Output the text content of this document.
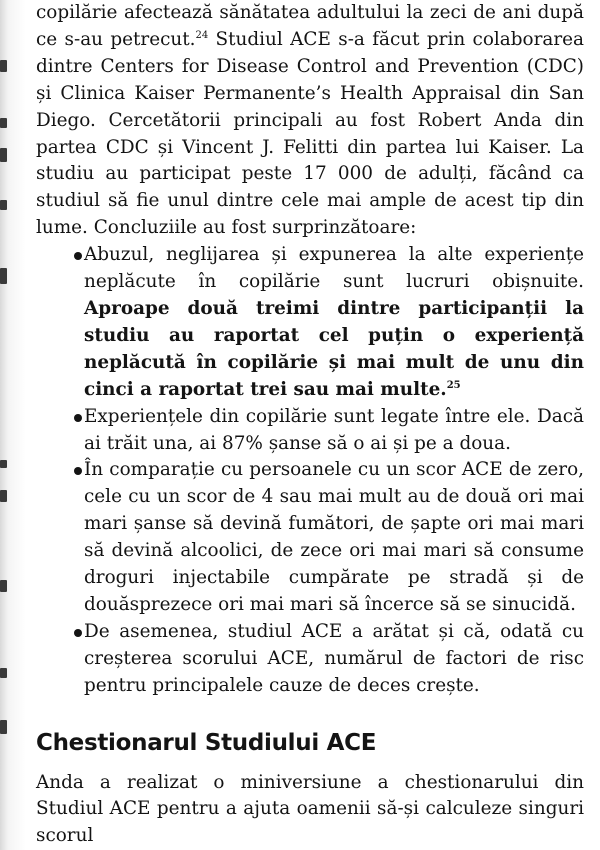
copilărie afectează sănătatea adultului la zeci de ani după ce s-au petrecut.$^{24}$ Studiul ACE s-a făcut prin colaborarea dintre Centers for Disease Control and Prevention (CDC) și Clinica Kaiser Permanente’s Health Appraisal din San Diego. Cercetătorii principali au fost Robert Anda din partea CDC și Vincent J. Felitti din partea lui Kaiser. La studiu au participat peste 17 000 de adulți, făcând ca studiul să fie unul dintre cele mai ample de acest tip din lume. Concluziile au fost surprinzătoare:

Abuzul, neglijarea și expunerea la alte experiențe neplăcute în copilărie sunt lucruri obișnuite. Aproape două treimi dintre participanții la studiu au raportat cel puțin o experiență neplăcută în copilărie și mai mult de unu din cinci a raportat trei sau mai multe.$^{25}$
Experiențele din copilărie sunt legate între ele. Dacă ai trăit una, ai 87% șanse să o ai și pe a doua.
În comparație cu persoanele cu un scor ACE de zero, cele cu un scor de 4 sau mai mult au de două ori mai mari șanse să devină fumători, de șapte ori mai mari să devină alcoolici, de zece ori mai mari să consume droguri injectabile cumpărate pe stradă și de douăsprezece ori mai mari să încerce să se sinucidă.
De asemenea, studiul ACE a arătat și că, odată cu creșterea scorului ACE, numărul de factori de risc pentru principalele cauze de deces crește.
Chestionarul Studiului ACE

Anda a realizat o miniversiune a chestionarului din Studiul ACE pentru a ajuta oamenii să-și calculeze singuri scorul
